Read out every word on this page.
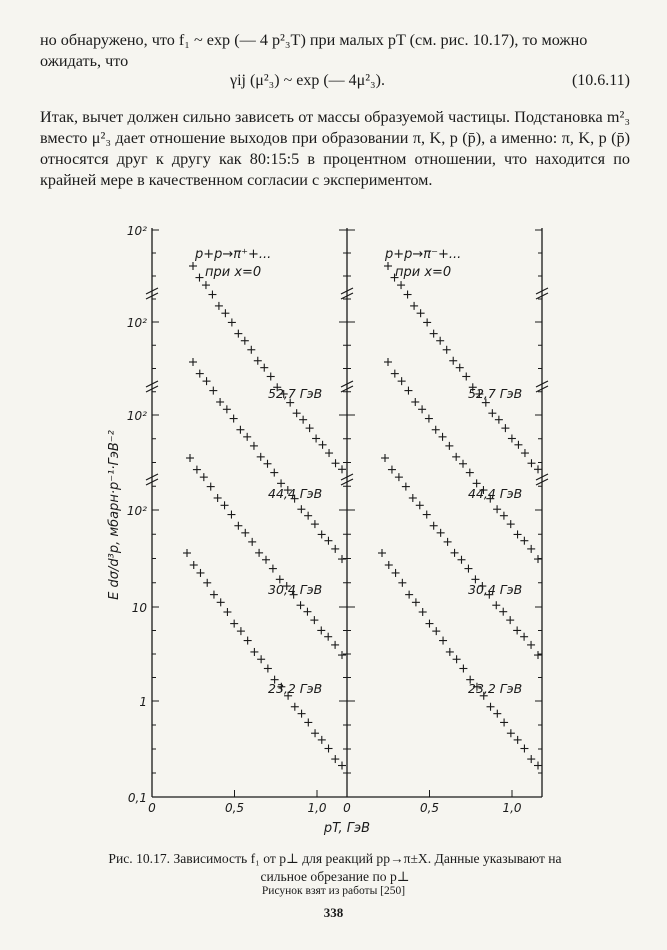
но обнаружено, что f₁ ~ exp (— 4 p²₃T) при малых pT (см. рис. 10.17), то можно ожидать, что
γij (μ²₃) ~ exp (— 4μ²₃).	(10.6.11)
Итак, вычет должен сильно зависеть от массы образуемой частицы. Подстановка m²₃ вместо μ²₃ дает отношение выходов при образовании π, K, p (p̄), а именно: π, K, p (p̄) относятся друг к другу как 80:15:5 в процентном отношении, что находится по крайней мере в качественном согласии с экспериментом.
10²
10²
10²
10²
10
1
0,1
0	0,5	1,0 0	0,5	1,0
p+p→π⁺+...
при x=0
52,7 ГэВ
44,4 ГэВ
30,4 ГэВ
23,2 ГэВ
p+p→π⁻+...
при x=0
52,7 ГэВ
44,4 ГэВ
30,4 ГэВ
23,2 ГэВ
E dσ/d³p, мбарн·p⁻¹·ГэВ⁻²
pT, ГэВ
Рис. 10.17. Зависимость f₁ от p⊥ для реакций pp→π±X. Данные указывают на сильное обрезание по p⊥
Рисунок взят из работы [250]
338
